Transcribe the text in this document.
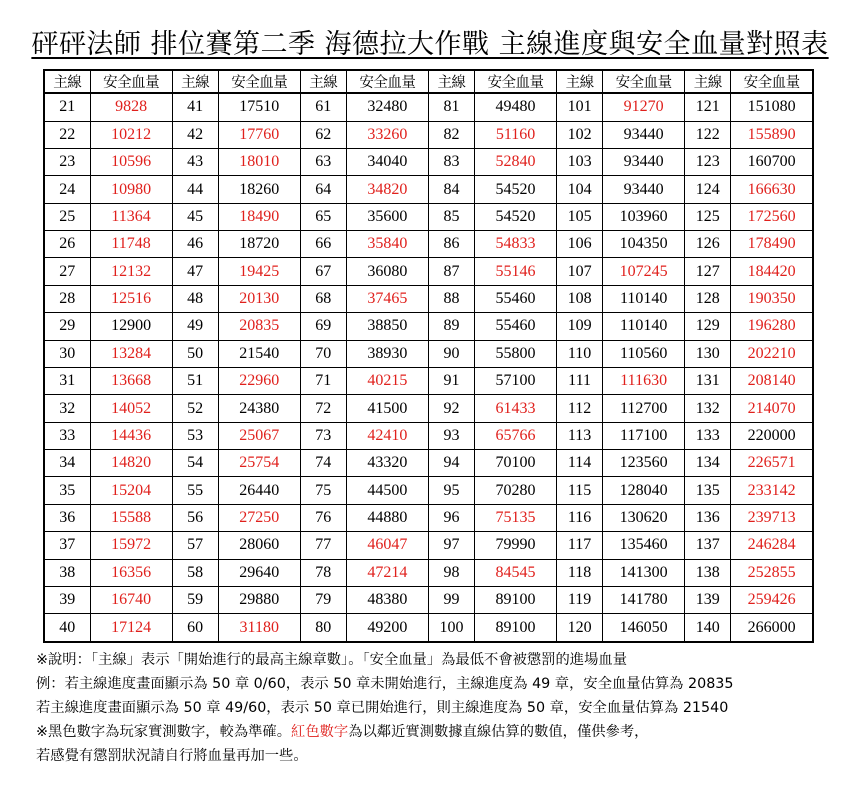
砰砰法師 排位賽第二季 海德拉大作戰 主線進度與安全血量對照表
主線	安全血量	主線	安全血量	主線	安全血量	主線	安全血量	主線	安全血量	主線	安全血量
21	9828	41	17510	61	32480	81	49480	101	91270	121	151080
22	10212	42	17760	62	33260	82	51160	102	93440	122	155890
23	10596	43	18010	63	34040	83	52840	103	93440	123	160700
24	10980	44	18260	64	34820	84	54520	104	93440	124	166630
25	11364	45	18490	65	35600	85	54520	105	103960	125	172560
26	11748	46	18720	66	35840	86	54833	106	104350	126	178490
27	12132	47	19425	67	36080	87	55146	107	107245	127	184420
28	12516	48	20130	68	37465	88	55460	108	110140	128	190350
29	12900	49	20835	69	38850	89	55460	109	110140	129	196280
30	13284	50	21540	70	38930	90	55800	110	110560	130	202210
31	13668	51	22960	71	40215	91	57100	111	111630	131	208140
32	14052	52	24380	72	41500	92	61433	112	112700	132	214070
33	14436	53	25067	73	42410	93	65766	113	117100	133	220000
34	14820	54	25754	74	43320	94	70100	114	123560	134	226571
35	15204	55	26440	75	44500	95	70280	115	128040	135	233142
36	15588	56	27250	76	44880	96	75135	116	130620	136	239713
37	15972	57	28060	77	46047	97	79990	117	135460	137	246284
38	16356	58	29640	78	47214	98	84545	118	141300	138	252855
39	16740	59	29880	79	48380	99	89100	119	141780	139	259426
40	17124	60	31180	80	49200	100	89100	120	146050	140	266000
※說明：「主線」表示「開始進行的最高主線章數」。「安全血量」為最低不會被懲罰的進場血量
例：若主線進度畫面顯示為 50 章 0/60，表示 50 章未開始進行，主線進度為 49 章，安全血量估算為 20835
若主線進度畫面顯示為 50 章 49/60，表示 50 章已開始進行，則主線進度為 50 章，安全血量估算為 21540
※黑色數字為玩家實測數字，較為準確。紅色數字為以鄰近實測數據直線估算的數值，僅供參考，
若感覺有懲罰狀況請自行將血量再加一些。
